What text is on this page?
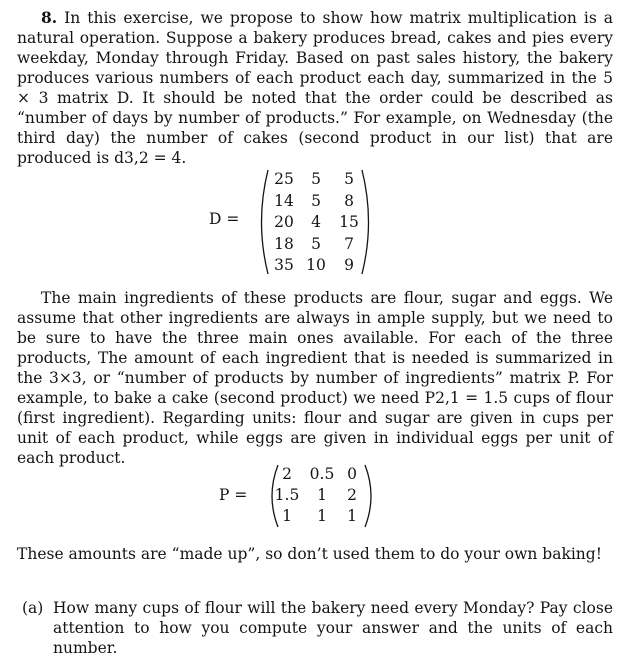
8. In this exercise, we propose to show how matrix multiplication is a natural operation. Suppose a bakery produces bread, cakes and pies every weekday, Monday through Friday. Based on past sales history, the bakery produces various numbers of each product each day, summarized in the 5 × 3 matrix D. It should be noted that the order could be described as “number of days by number of products.” For example, on Wednesday (the third day) the number of cakes (second product in our list) that are produced is d3,2 = 4.

D =
25	5	5
14	5	8
20	4	15
18	5	7
35 10	9

The main ingredients of these products are flour, sugar and eggs. We assume that other ingredients are always in ample supply, but we need to be sure to have the three main ones available. For each of the three products, The amount of each ingredient that is needed is summarized in the 3×3, or “number of products by number of ingredients” matrix P. For example, to bake a cake (second product) we need P2,1 = 1.5 cups of flour (first ingredient). Regarding units: flour and sugar are given in cups per unit of each product, while eggs are given in individual eggs per unit of each product.

P =
2	0.5 0
1.5	1	2
1	1	1

These amounts are “made up”, so don’t used them to do your own baking!

(a) How many cups of flour will the bakery need every Monday? Pay close attention to how you compute your answer and the units of each number.
